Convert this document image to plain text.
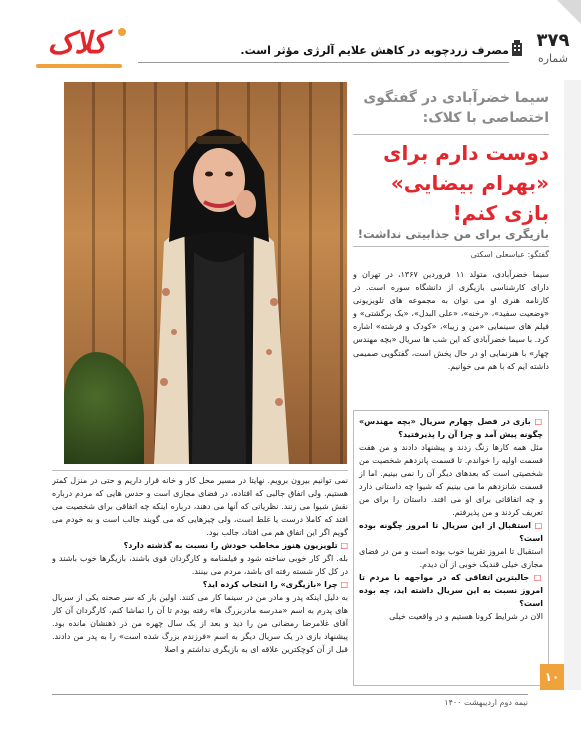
کلاک	مصرف زردچوبه در کاهش علایم آلرژی مؤثر است.	۳۷۹
شماره
سیما خضرآبادی در گفتگوی اختصاصی با کلاک:
دوست دارم برای «بهرام بیضایی» بازی کنم!
بازیگری برای من جذابیتی نداشت!
گفتگو: عباسعلی اسکتی
سیما خضرآبادی، متولد ۱۱ فروردین ۱۳۶۷، در تهران و دارای کارشناسی بازیگری از دانشگاه سوره است. در کارنامه هنری او می توان به مجموعه های تلویزیونی «وضعیت سفید»، «رخنه»، «علی البدل»، «یک برگشتی» و فیلم های سینمایی «من و زیبا»، «کودک و فرشته» اشاره کرد. با سیما خضرآبادی که این شب ها سریال «بچه مهندس چهار» با هنرنمایی او در حال پخش است، گفتگویی صمیمی داشته ایم که با هم می خوانیم.
□ بازی در فصل چهارم سریال «بچه مهندس» چگونه پیش آمد و چرا آن را پذیرفتید؟
مثل همه کارها زنگ زدند و پیشنهاد دادند و من هفت قسمت اولیه را خواندم. تا قسمت پانزدهم شخصیت من شخصیتی است که بعدهای دیگر آن را نمی بینیم. اما از قسمت شانزدهم ما می بینیم که شیوا چه داستانی دارد و چه اتفاقاتی برای او می افتد. داستان را برای من تعریف کردند و من پذیرفتم.
□ استقبال از این سریال تا امروز چگونه بوده است؟
استقبال تا امروز تقریبا خوب بوده است و من در فضای مجازی خیلی قندیک خوبی از آن دیدم.
□ جالبترین اتفاقی که در مواجهه با مردم تا امروز نسبت به این سریال داشته اید، چه بوده است؟
الان در شرایط کرونا هستیم و در واقعیت خیلی
نمی توانیم بیرون برویم. نهایتا در مسیر محل کار و خانه قرار داریم و حتی در منزل کمتر هستیم. ولی اتفاق جالبی که افتاده، در فضای مجازی است و حدس هایی که مردم درباره نقش شیوا می زنند. نظریاتی که آنها می دهند، درباره اینکه چه اتفاقی برای شخصیت می افتد که کاملا درست یا غلط است، ولی چیزهایی که می گویند جالب است و به خودم می گویم اگر این اتفاق هم می افتاد، جالب بود.
□ تلویزیون هنوز مخاطب خودش را نسبت به گذشته دارد؟
بله. اگر کار خوبی ساخته شود و فیلمنامه و کارگردان قوی باشند، بازیگرها خوب باشند و در کل کار شسته رفته ای باشد، مردم می بینند.
□ چرا «بازیگری» را انتخاب کرده اید؟
به دلیل اینکه پدر و مادر من در سینما کار می کنند. اولین بار که سر صحنه یکی از سریال های پدرم به اسم «مدرسه مادربزرگ ها» رفته بودم تا آن را تماشا کنم، کارگردان آن کار آقای غلامرضا رمضانی من را دید و بعد از یک سال چهره من در ذهنشان مانده بود. پیشنهاد بازی در یک سریال دیگر به اسم «فرزندم بزرگ شده است» را به پدر من دادند. قبل از آن کوچکترین علاقه ای به بازیگری نداشتم و اصلا
نیمه دوم اردیبهشت ۱۴۰۰
۱۰
